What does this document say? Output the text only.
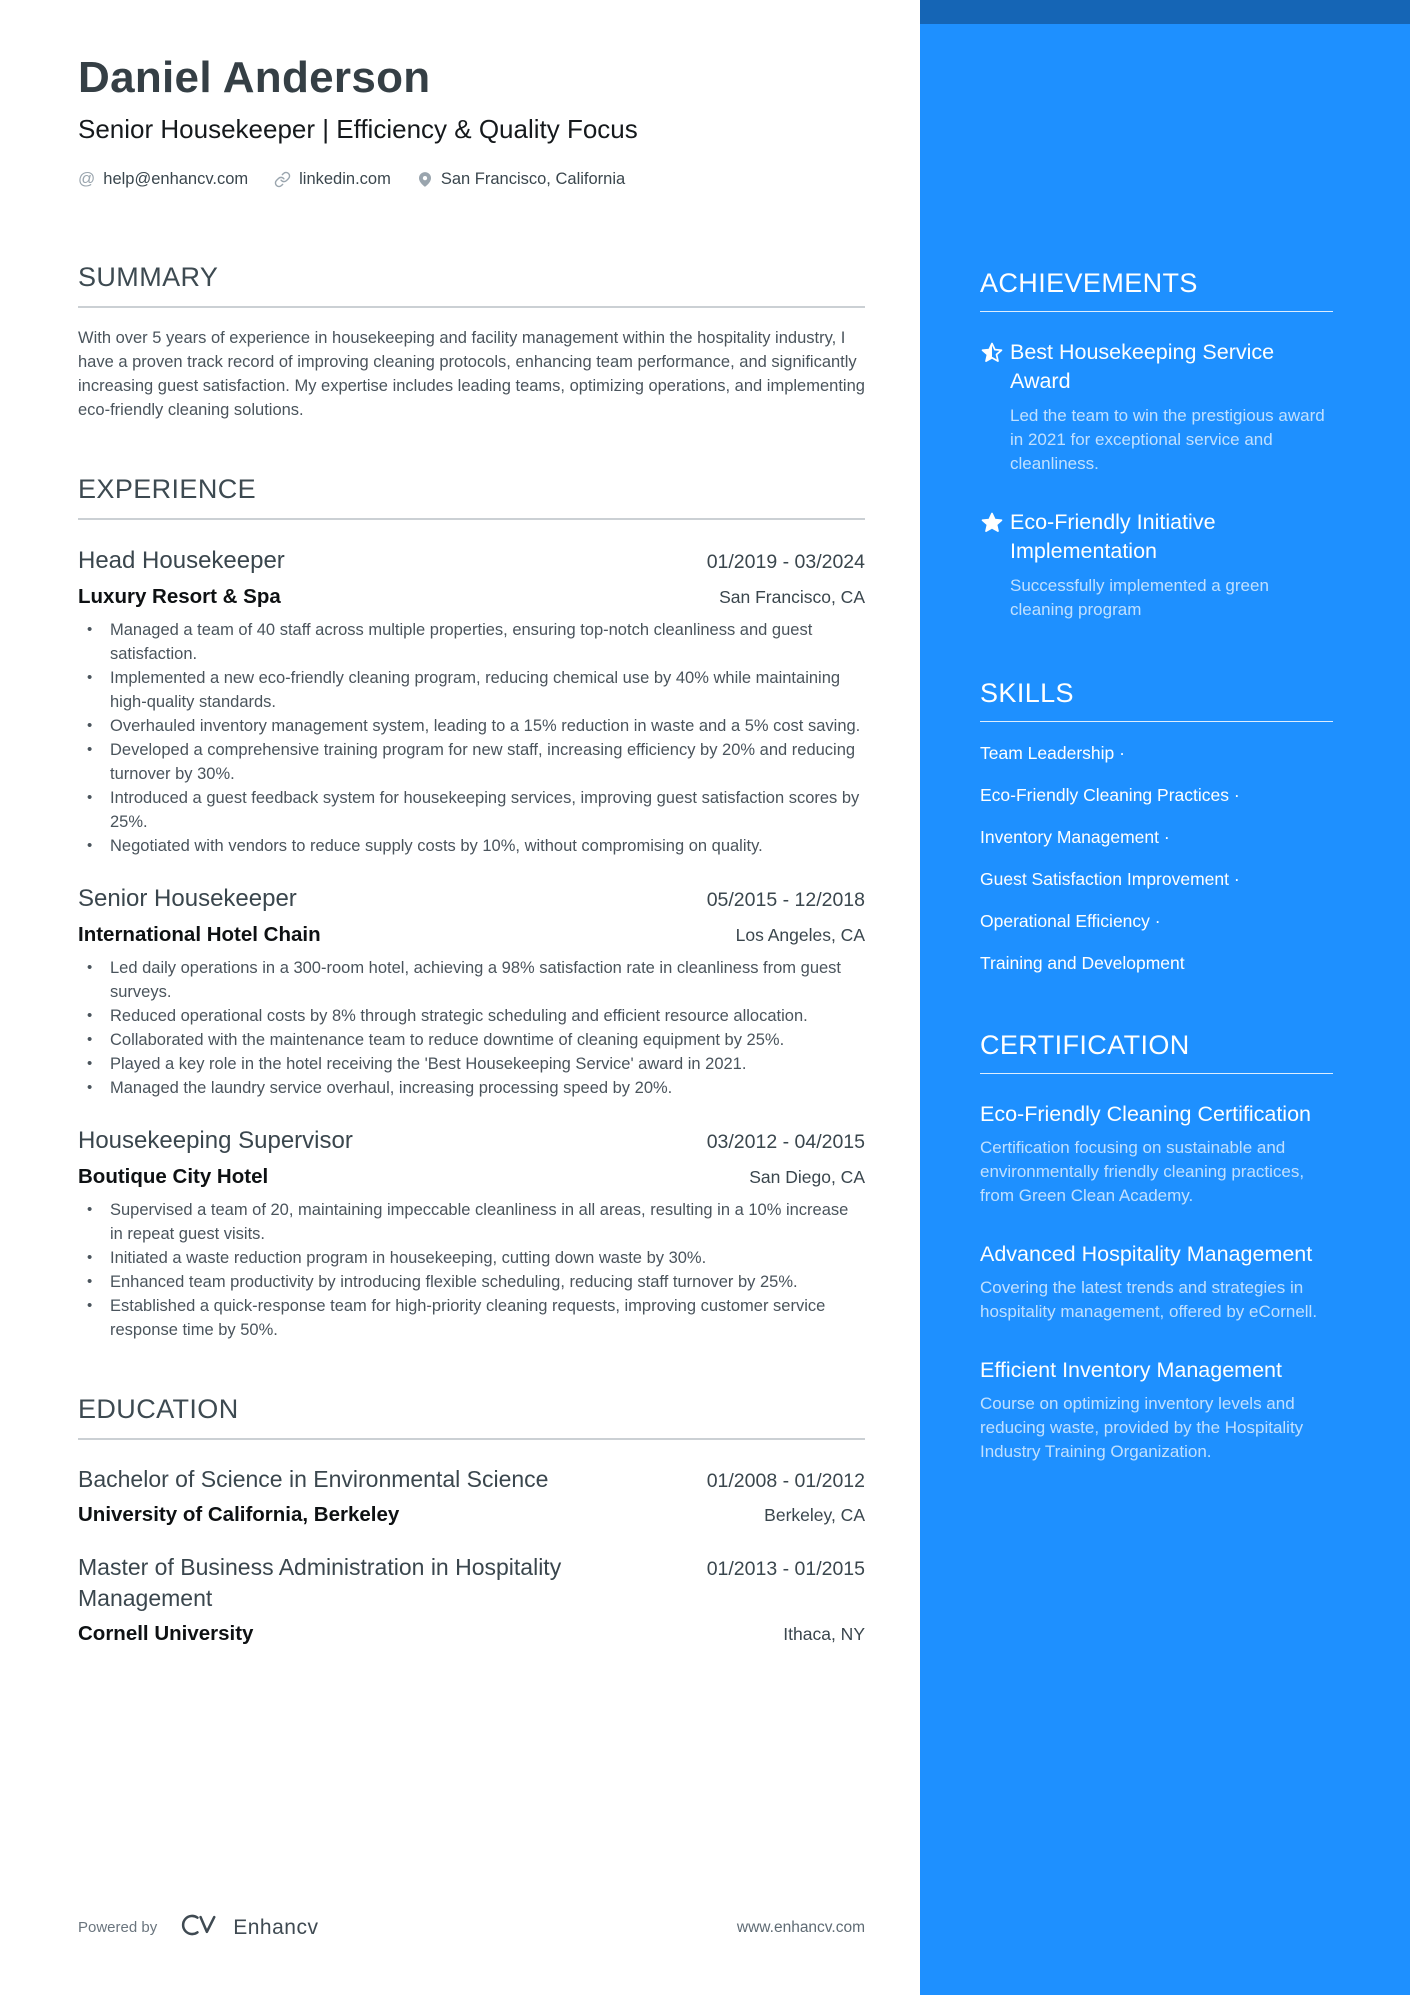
Daniel Anderson
Senior Housekeeper | Efficiency & Quality Focus
@ help@enhancv.com	linkedin.com	San Francisco, California
SUMMARY

With over 5 years of experience in housekeeping and facility management within the hospitality industry, I have a proven track record of improving cleaning protocols, enhancing team performance, and significantly increasing guest satisfaction. My expertise includes leading teams, optimizing operations, and implementing eco-friendly cleaning solutions.

EXPERIENCE
Head Housekeeper	01/2019 - 03/2024
Luxury Resort & Spa	San Francisco, CA
• Managed a team of 40 staff across multiple properties, ensuring top-notch cleanliness and guest satisfaction.
• Implemented a new eco-friendly cleaning program, reducing chemical use by 40% while maintaining high-quality standards.
• Overhauled inventory management system, leading to a 15% reduction in waste and a 5% cost saving.
• Developed a comprehensive training program for new staff, increasing efficiency by 20% and reducing turnover by 30%.
• Introduced a guest feedback system for housekeeping services, improving guest satisfaction scores by 25%.
• Negotiated with vendors to reduce supply costs by 10%, without compromising on quality.
Senior Housekeeper	05/2015 - 12/2018
International Hotel Chain	Los Angeles, CA
• Led daily operations in a 300-room hotel, achieving a 98% satisfaction rate in cleanliness from guest surveys.
• Reduced operational costs by 8% through strategic scheduling and efficient resource allocation.
• Collaborated with the maintenance team to reduce downtime of cleaning equipment by 25%.
• Played a key role in the hotel receiving the 'Best Housekeeping Service' award in 2021.
• Managed the laundry service overhaul, increasing processing speed by 20%.
Housekeeping Supervisor	03/2012 - 04/2015
Boutique City Hotel	San Diego, CA
• Supervised a team of 20, maintaining impeccable cleanliness in all areas, resulting in a 10% increase in repeat guest visits.
• Initiated a waste reduction program in housekeeping, cutting down waste by 30%.
• Enhanced team productivity by introducing flexible scheduling, reducing staff turnover by 25%.
• Established a quick-response team for high-priority cleaning requests, improving customer service response time by 50%.
EDUCATION
Bachelor of Science in Environmental Science	01/2008 - 01/2012
University of California, Berkeley	Berkeley, CA
Master of Business Administration in Hospitality Management
01/2013 - 01/2015
Cornell University	Ithaca, NY
ACHIEVEMENTS
Best Housekeeping Service Award
Led the team to win the prestigious award in 2021 for exceptional service and cleanliness.
Eco-Friendly Initiative Implementation
Successfully implemented a green cleaning program
SKILLS
Team Leadership ·
Eco-Friendly Cleaning Practices ·
Inventory Management ·
Guest Satisfaction Improvement ·
Operational Efficiency ·
Training and Development
CERTIFICATION
Eco-Friendly Cleaning Certification
Certification focusing on sustainable and environmentally friendly cleaning practices, from Green Clean Academy.
Advanced Hospitality Management
Covering the latest trends and strategies in hospitality management, offered by eCornell.
Efficient Inventory Management
Course on optimizing inventory levels and reducing waste, provided by the Hospitality Industry Training Organization.
Powered by	Enhancv	www.enhancv.com
